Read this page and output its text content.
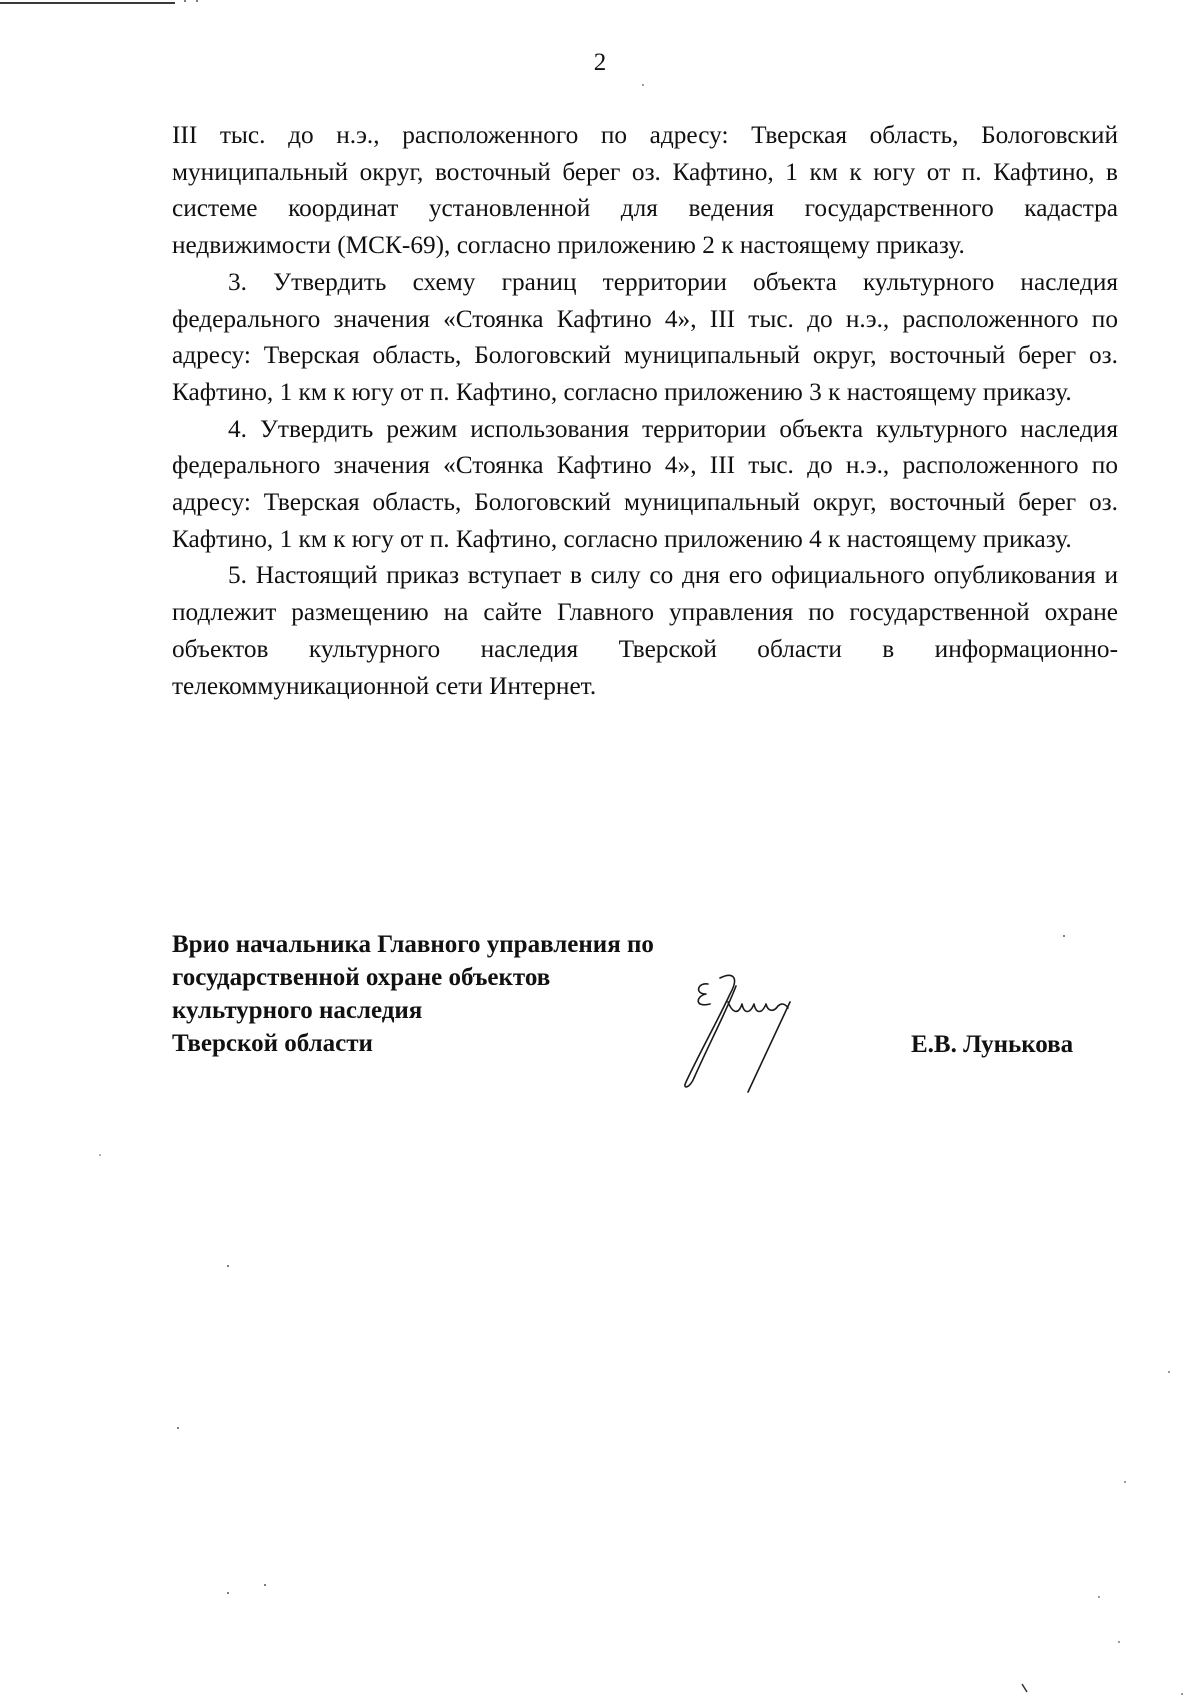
2

III тыс. до н.э., расположенного по адресу: Тверская область, Бологовский муниципальный округ, восточный берег оз. Кафтино, 1 км к югу от п. Кафтино, в системе координат установленной для ведения государственного кадастра недвижимости (МСК-69), согласно приложению 2 к настоящему приказу.

3. Утвердить схему границ территории объекта культурного наследия федерального значения «Стоянка Кафтино 4», III тыс. до н.э., расположенного по адресу: Тверская область, Бологовский муниципальный округ, восточный берег оз. Кафтино, 1 км к югу от п. Кафтино, согласно приложению 3 к настоящему приказу.

4. Утвердить режим использования территории объекта культурного наследия федерального значения «Стоянка Кафтино 4», III тыс. до н.э., расположенного по адресу: Тверская область, Бологовский муниципальный округ, восточный берег оз. Кафтино, 1 км к югу от п. Кафтино, согласно приложению 4 к настоящему приказу.

5. Настоящий приказ вступает в силу со дня его официального опубликования и подлежит размещению на сайте Главного управления по государственной охране объектов культурного наследия Тверской области в информационно-телекоммуникационной сети Интернет.

Врио начальника Главного управления по
государственной охране объектов
культурного наследия
Тверской области	Е.В. Лунькова
